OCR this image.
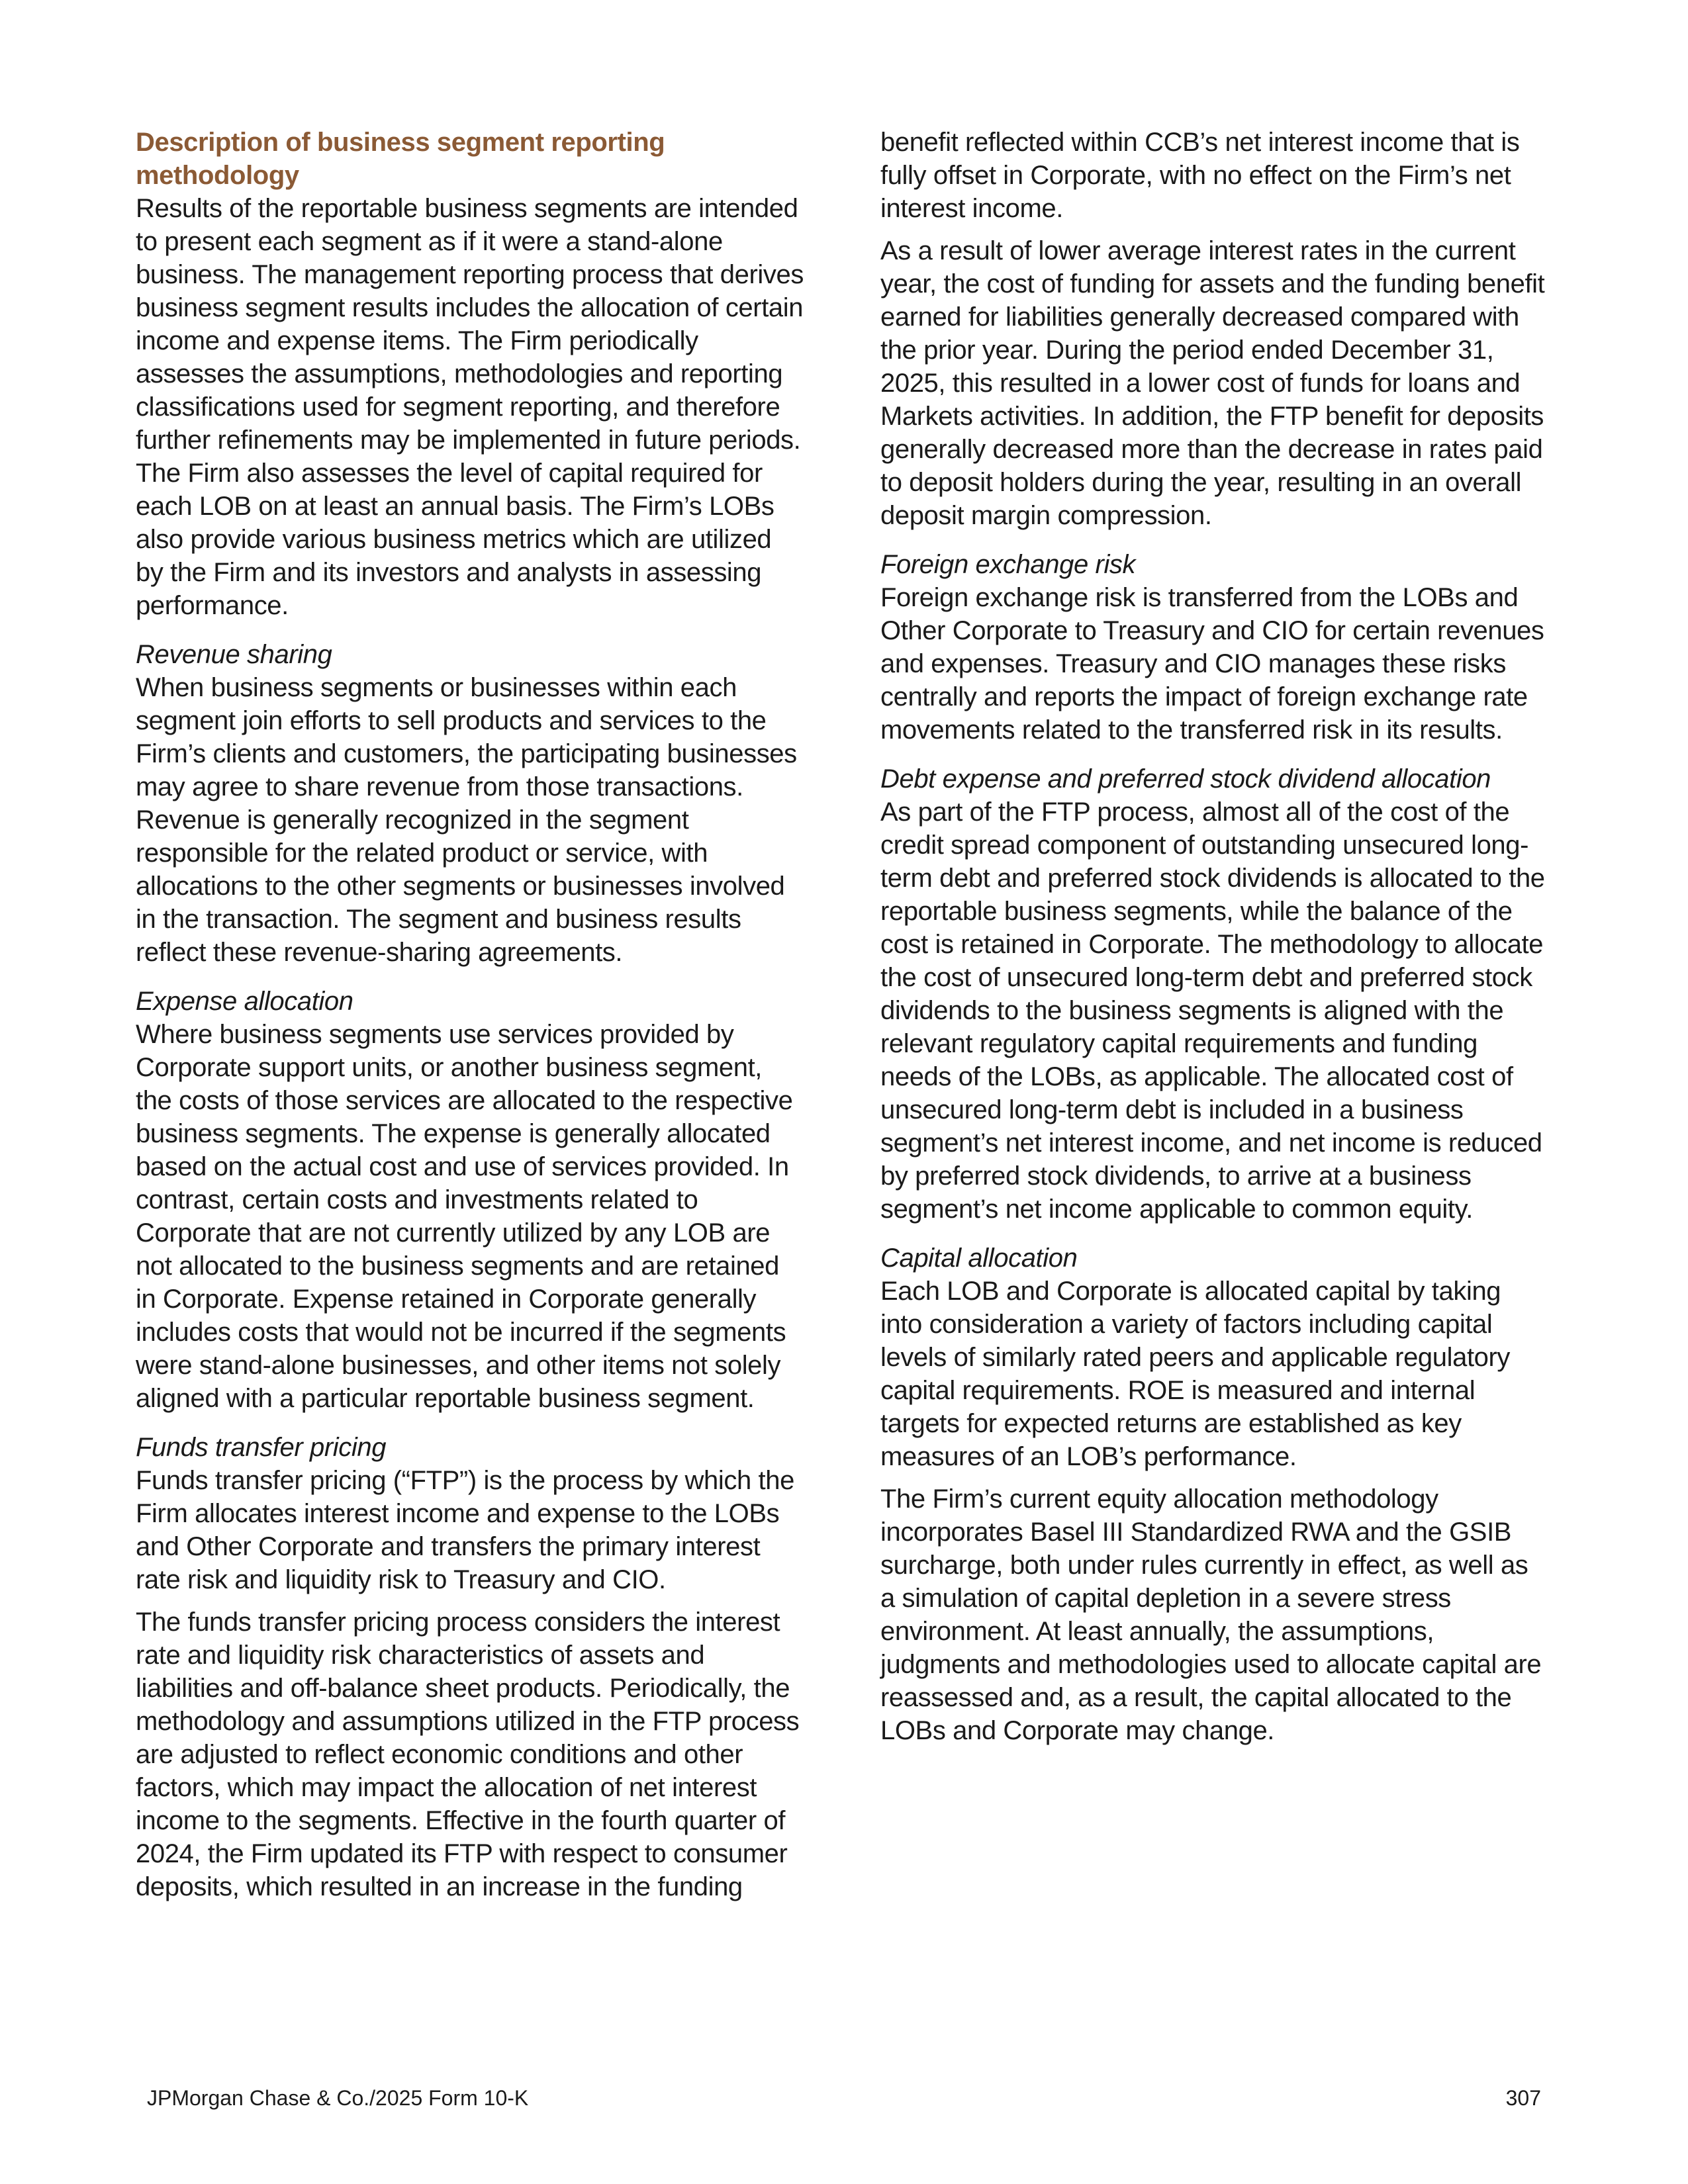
Description of business segment reporting methodology

Results of the reportable business segments are intended to present each segment as if it were a stand-alone business. The management reporting process that derives business segment results includes the allocation of certain income and expense items. The Firm periodically assesses the assumptions, methodologies and reporting classifications used for segment reporting, and therefore further refinements may be implemented in future periods. The Firm also assesses the level of capital required for each LOB on at least an annual basis. The Firm’s LOBs also provide various business metrics which are utilized by the Firm and its investors and analysts in assessing performance.

Revenue sharing

When business segments or businesses within each segment join efforts to sell products and services to the Firm’s clients and customers, the participating businesses may agree to share revenue from those transactions. Revenue is generally recognized in the segment responsible for the related product or service, with allocations to the other segments or businesses involved in the transaction. The segment and business results reflect these revenue-sharing agreements.

Expense allocation

Where business segments use services provided by Corporate support units, or another business segment, the costs of those services are allocated to the respective business segments. The expense is generally allocated based on the actual cost and use of services provided. In contrast, certain costs and investments related to Corporate that are not currently utilized by any LOB are not allocated to the business segments and are retained in Corporate. Expense retained in Corporate generally includes costs that would not be incurred if the segments were stand-alone businesses, and other items not solely aligned with a particular reportable business segment.

Funds transfer pricing

Funds transfer pricing (“FTP”) is the process by which the Firm allocates interest income and expense to the LOBs and Other Corporate and transfers the primary interest rate risk and liquidity risk to Treasury and CIO.

The funds transfer pricing process considers the interest rate and liquidity risk characteristics of assets and liabilities and off-balance sheet products. Periodically, the methodology and assumptions utilized in the FTP process are adjusted to reflect economic conditions and other factors, which may impact the allocation of net interest income to the segments. Effective in the fourth quarter of 2024, the Firm updated its FTP with respect to consumer deposits, which resulted in an increase in the funding

benefit reflected within CCB’s net interest income that is fully offset in Corporate, with no effect on the Firm’s net interest income.

As a result of lower average interest rates in the current year, the cost of funding for assets and the funding benefit earned for liabilities generally decreased compared with the prior year. During the period ended December 31, 2025, this resulted in a lower cost of funds for loans and Markets activities. In addition, the FTP benefit for deposits generally decreased more than the decrease in rates paid to deposit holders during the year, resulting in an overall deposit margin compression.

Foreign exchange risk

Foreign exchange risk is transferred from the LOBs and Other Corporate to Treasury and CIO for certain revenues and expenses. Treasury and CIO manages these risks centrally and reports the impact of foreign exchange rate movements related to the transferred risk in its results.

Debt expense and preferred stock dividend allocation

As part of the FTP process, almost all of the cost of the credit spread component of outstanding unsecured long-term debt and preferred stock dividends is allocated to the reportable business segments, while the balance of the cost is retained in Corporate. The methodology to allocate the cost of unsecured long-term debt and preferred stock dividends to the business segments is aligned with the relevant regulatory capital requirements and funding needs of the LOBs, as applicable. The allocated cost of unsecured long-term debt is included in a business segment’s net interest income, and net income is reduced by preferred stock dividends, to arrive at a business segment’s net income applicable to common equity.

Capital allocation

Each LOB and Corporate is allocated capital by taking into consideration a variety of factors including capital levels of similarly rated peers and applicable regulatory capital requirements. ROE is measured and internal targets for expected returns are established as key measures of an LOB’s performance.

The Firm’s current equity allocation methodology incorporates Basel III Standardized RWA and the GSIB surcharge, both under rules currently in effect, as well as a simulation of capital depletion in a severe stress environment. At least annually, the assumptions, judgments and methodologies used to allocate capital are reassessed and, as a result, the capital allocated to the LOBs and Corporate may change.

JPMorgan Chase & Co./2025 Form 10-K	307
